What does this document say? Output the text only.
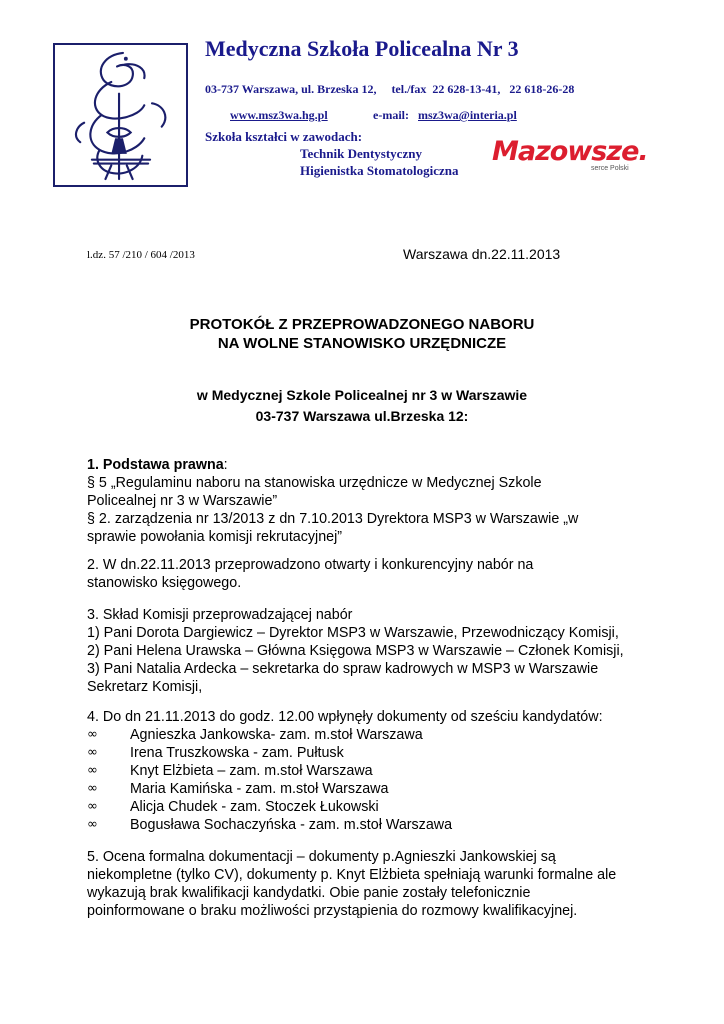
Medyczna Szkoła Policealna Nr 3
03-737 Warszawa, ul. Brzeska 12,     tel./fax  22 628-13-41,   22 618-26-28
www.msz3wa.hg.pl	e-mail: msz3wa@interia.pl
Szkoła kształci w zawodach:
Technik Dentystyczny
Higienistka Stomatologiczna
Mazowsze.
serce Polski
l.dz. 57 /210 / 604 /2013	Warszawa dn.22.11.2013
PROTOKÓŁ Z PRZEPROWADZONEGO NABORU
NA WOLNE STANOWISKO URZĘDNICZE
w Medycznej Szkole Policealnej nr 3 w Warszawie
03-737 Warszawa ul.Brzeska 12:
1. Podstawa prawna:
§ 5 „Regulaminu naboru na stanowiska urzędnicze w Medycznej Szkole
Policealnej nr 3 w Warszawie”
§ 2. zarządzenia nr 13/2013 z dn 7.10.2013 Dyrektora MSP3 w Warszawie „w
sprawie powołania komisji rekrutacyjnej”
2. W dn.22.11.2013 przeprowadzono otwarty i konkurencyjny nabór na
stanowisko księgowego.
3. Skład Komisji przeprowadzającej nabór
1) Pani Dorota Dargiewicz – Dyrektor MSP3 w Warszawie, Przewodniczący Komisji,
2) Pani Helena Urawska – Główna Księgowa MSP3 w Warszawie – Członek Komisji,
3) Pani Natalia Ardecka – sekretarka do spraw kadrowych w MSP3 w Warszawie
Sekretarz Komisji,
4. Do dn 21.11.2013 do godz. 12.00 wpłynęły dokumenty od sześciu kandydatów:
∞	Agnieszka Jankowska- zam. m.stoł Warszawa
∞	Irena Truszkowska - zam. Pułtusk
∞	Knyt Elżbieta – zam. m.stoł Warszawa
∞	Maria Kamińska - zam. m.stoł Warszawa
∞	Alicja Chudek - zam. Stoczek Łukowski
∞	Bogusława Sochaczyńska - zam. m.stoł Warszawa
5. Ocena formalna dokumentacji – dokumenty p.Agnieszki Jankowskiej są
niekompletne (tylko CV), dokumenty p. Knyt Elżbieta spełniają warunki formalne ale
wykazują brak kwalifikacji kandydatki. Obie panie zostały telefonicznie
poinformowane o braku możliwości przystąpienia do rozmowy kwalifikacyjnej.
